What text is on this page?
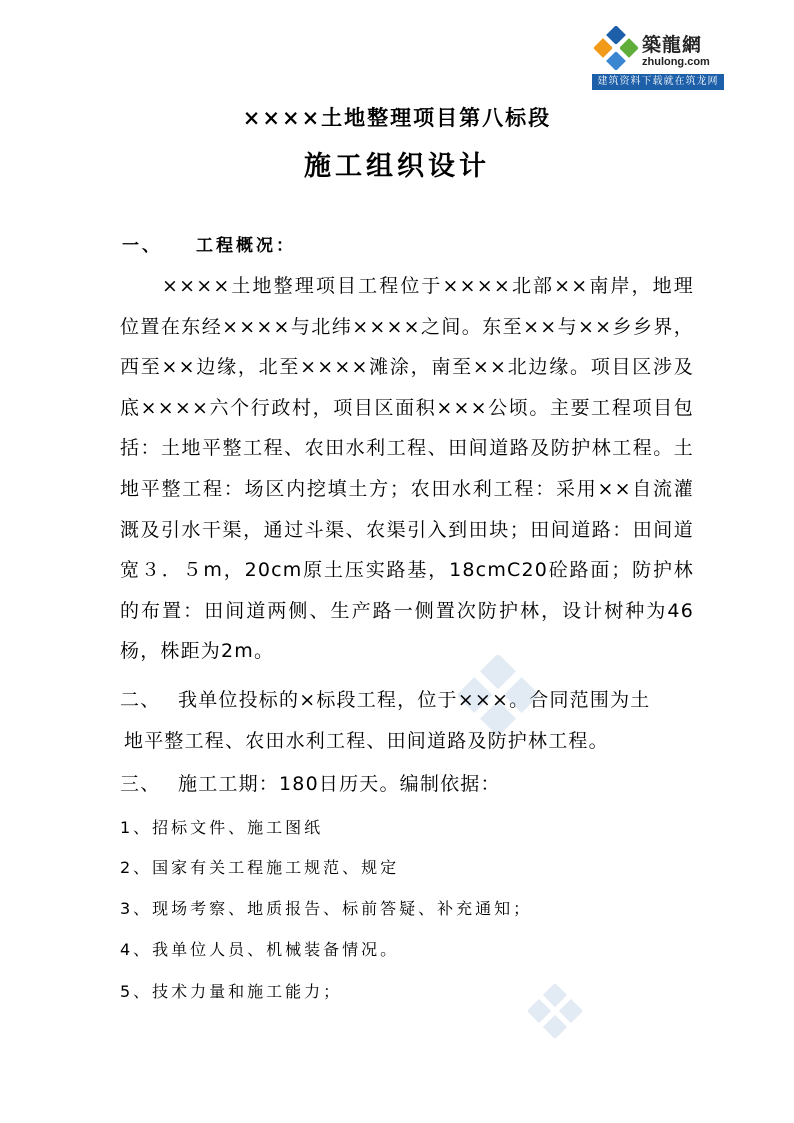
築龍網
zhulong.com
建筑资料下载就在筑龙网
××××土地整理项目第八标段
施工组织设计
一、 工程概况：
××××土地整理项目工程位于××××北部××南岸，地理位置在东经××××与北纬××××之间。东至××与××乡乡界，西至××边缘，北至××××滩涂，南至××北边缘。项目区涉及底××××六个行政村，项目区面积×××公顷。主要工程项目包括：土地平整工程、农田水利工程、田间道路及防护林工程。土地平整工程：场区内挖填土方；农田水利工程：采用××自流灌溉及引水干渠，通过斗渠、农渠引入到田块；田间道路：田间道宽３．５m，20cm原土压实路基，18cmC20砼路面；防护林的布置：田间道两侧、生产路一侧置次防护林，设计树种为46杨，株距为2m。
二、 我单位投标的×标段工程，位于×××。合同范围为土
地平整工程、农田水利工程、田间道路及防护林工程。
三、 施工工期：180日历天。编制依据：
1、招标文件、施工图纸
2、国家有关工程施工规范、规定
3、现场考察、地质报告、标前答疑、补充通知；
4、我单位人员、机械装备情况。
5、技术力量和施工能力；
